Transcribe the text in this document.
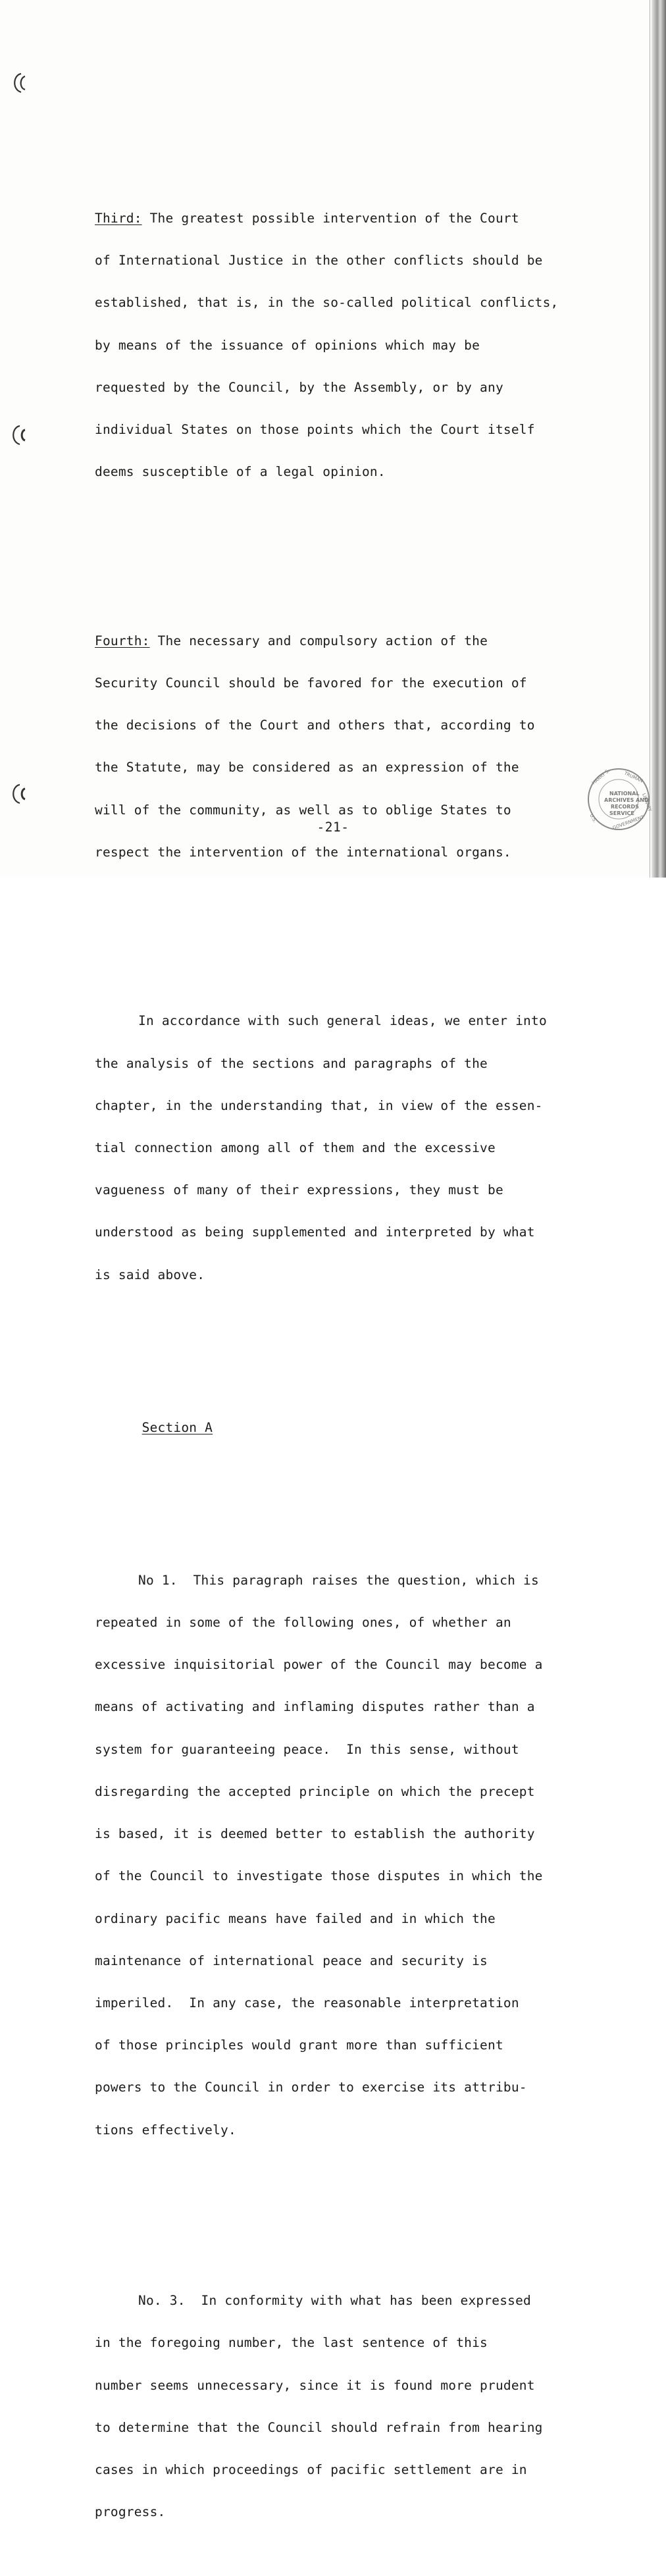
Third: The greatest possible intervention of the Court

of International Justice in the other conflicts should be

established, that is, in the so-called political conflicts,

by means of the issuance of opinions which may be

requested by the Council, by the Assembly, or by any

individual States on those points which the Court itself

deems susceptible of a legal opinion.

Fourth: The necessary and compulsory action of the

Security Council should be favored for the execution of

the decisions of the Court and others that, according to

the Statute, may be considered as an expression of the

will of the community, as well as to oblige States to

respect the intervention of the international organs.

In accordance with such general ideas, we enter into

the analysis of the sections and paragraphs of the

chapter, in the understanding that, in view of the essen-

tial connection among all of them and the excessive

vagueness of many of their expressions, they must be

understood as being supplemented and interpreted by what

is said above.

Section A

No 1.  This paragraph raises the question, which is

repeated in some of the following ones, of whether an

excessive inquisitorial power of the Council may become a

means of activating and inflaming disputes rather than a

system for guaranteeing peace.  In this sense, without

disregarding the accepted principle on which the precept

is based, it is deemed better to establish the authority

of the Council to investigate those disputes in which the

ordinary pacific means have failed and in which the

maintenance of international peace and security is

imperiled.  In any case, the reasonable interpretation

of those principles would grant more than sufficient

powers to the Council in order to exercise its attribu-

tions effectively.

No. 3.  In conformity with what has been expressed

in the foregoing number, the last sentence of this

number seems unnecessary, since it is found more prudent

to determine that the Council should refrain from hearing

cases in which proceedings of pacific settlement are in

progress.

-21-
NATIONAL
ARCHIVES AND
RECORDS
SERVICE
HARRY S.	TRUMAN
LIBRARY
U.S.	GOVERNMENT
